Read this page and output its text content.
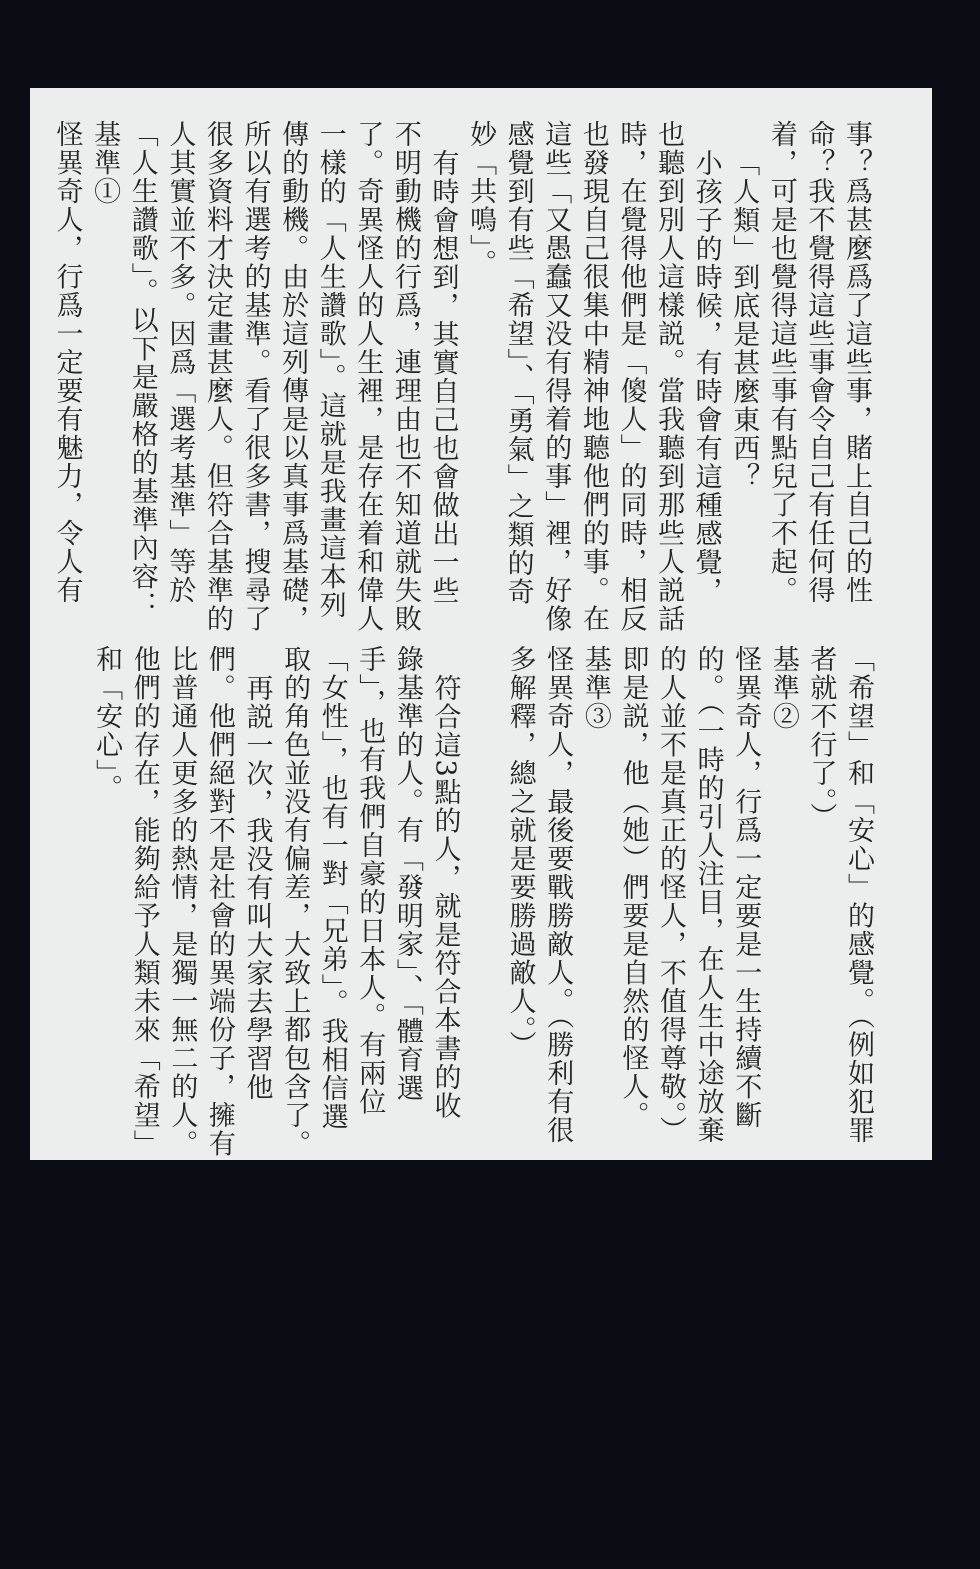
事？爲甚麼爲了這些事，賭上自己的性
命？我不覺得這些事會令自己有任何得
着，可是也覺得這些事有點兒了不起。
「人類」到底是甚麼東西？
小孩子的時候，有時會有這種感覺，
也聽到別人這樣説。當我聽到那些人説話
時，在覺得他們是「傻人」的同時，相反
也發現自己很集中精神地聽他們的事。在
這些「又愚蠢又没有得着的事」裡，好像
感覺到有些「希望」、「勇氣」之類的奇
妙「共鳴」。
有時會想到，其實自己也會做出一些
不明動機的行爲，連理由也不知道就失敗
了。奇異怪人的人生裡，是存在着和偉人
一樣的「人生讚歌」。這就是我畫這本列
傳的動機。由於這列傳是以真事爲基礎，
所以有選考的基準。看了很多書，搜尋了
很多資料才決定畫甚麼人。但符合基準的
人其實並不多。因爲「選考基準」等於
「人生讚歌」。以下是嚴格的基準內容：
基準①
怪異奇人，行爲一定要有魅力，令人有
「希望」和「安心」的感覺。（例如犯罪
者就不行了。）
基準②
怪異奇人，行爲一定要是一生持續不斷
的。（一時的引人注目，在人生中途放棄
的人並不是真正的怪人，不值得尊敬。）
即是説，他（她）們要是自然的怪人。
基準③
怪異奇人，最後要戰勝敵人。（勝利有很
多解釋，總之就是要勝過敵人。）
符合這3點的人，就是符合本書的收
錄基準的人。有「發明家」、「體育選
手」，也有我們自豪的日本人。有兩位
「女性」，也有一對「兄弟」。我相信選
取的角色並没有偏差，大致上都包含了。
再説一次，我没有叫大家去學習他
們。他們絕對不是社會的異端份子，擁有
比普通人更多的熱情，是獨一無二的人。
他們的存在，能夠給予人類未來「希望」
和「安心」。
